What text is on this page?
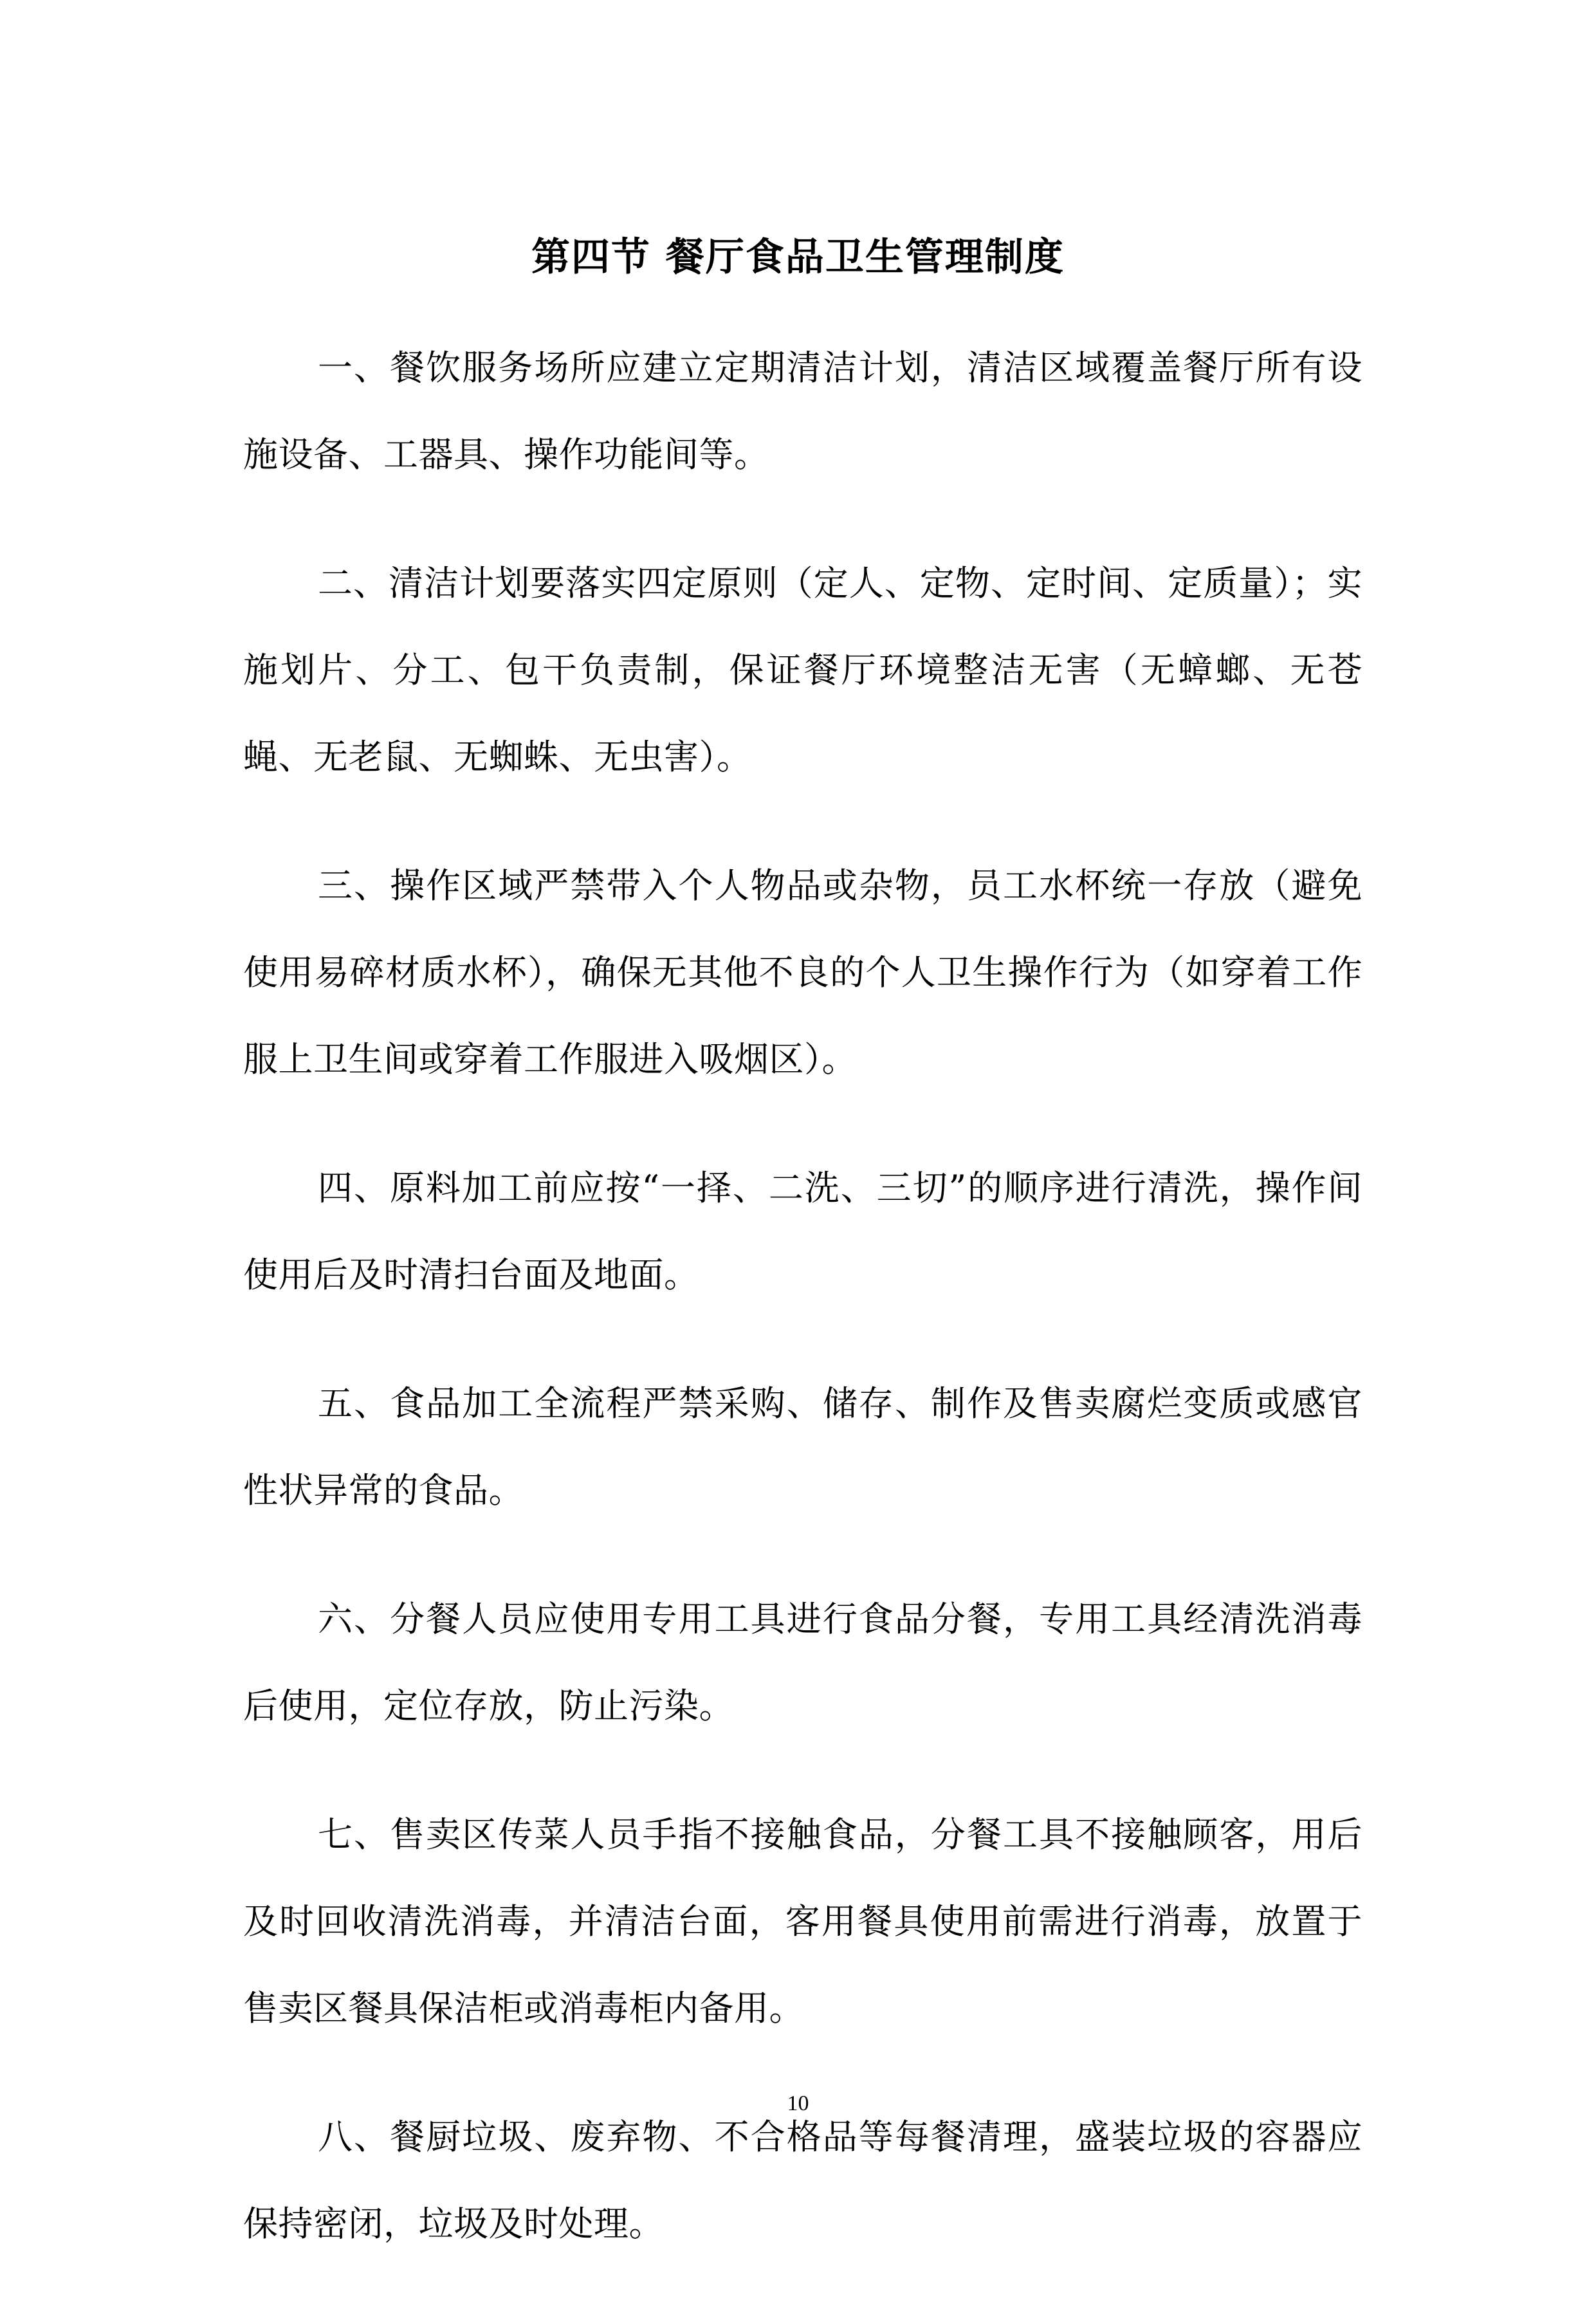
第四节 餐厅食品卫生管理制度

一、餐饮服务场所应建立定期清洁计划，清洁区域覆盖餐厅所有设施设备、工器具、操作功能间等。

二、清洁计划要落实四定原则（定人、定物、定时间、定质量）；实施划片、分工、包干负责制，保证餐厅环境整洁无害（无蟑螂、无苍蝇、无老鼠、无蜘蛛、无虫害）。

三、操作区域严禁带入个人物品或杂物，员工水杯统一存放（避免使用易碎材质水杯），确保无其他不良的个人卫生操作行为（如穿着工作服上卫生间或穿着工作服进入吸烟区）。

四、原料加工前应按“一择、二洗、三切”的顺序进行清洗，操作间使用后及时清扫台面及地面。

五、食品加工全流程严禁采购、储存、制作及售卖腐烂变质或感官性状异常的食品。

六、分餐人员应使用专用工具进行食品分餐，专用工具经清洗消毒后使用，定位存放，防止污染。

七、售卖区传菜人员手指不接触食品，分餐工具不接触顾客，用后及时回收清洗消毒，并清洁台面，客用餐具使用前需进行消毒，放置于售卖区餐具保洁柜或消毒柜内备用。

八、餐厨垃圾、废弃物、不合格品等每餐清理，盛装垃圾的容器应保持密闭，垃圾及时处理。

10
